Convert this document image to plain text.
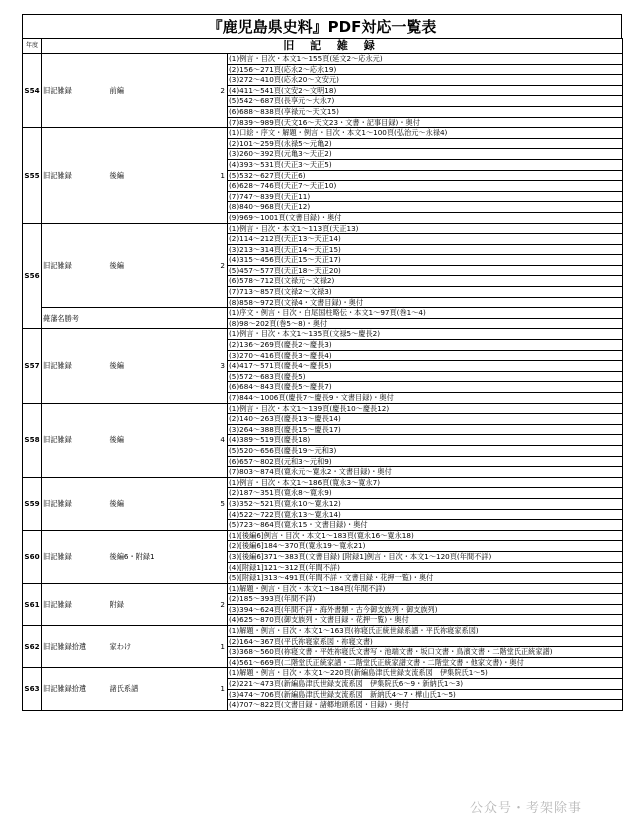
『鹿児島県史料』PDF対応一覧表
年度	旧 記 雑 録			
S54	旧記雑録	前編	2	(1)例言・目次・本文1～155頁(延文2～応永元)
				(2)156～271頁(応永2～応永19)
				(3)272～410頁(応永20～文安元)
				(4)411～541頁(文安2～文明18)
				(5)542～687頁(長享元～大永7)
				(6)688～838頁(享禄元～天文15)
				(7)839～989頁(天文16～天文23・文書・記事目録)・奥付
S55	旧記雑録	後編	1	(1)口絵・序文・解題・例言・目次・本文1～100頁(弘治元～永禄4)
				(2)101～259頁(永禄5～元亀2)
				(3)260～392頁(元亀3～天正2)
				(4)393～531頁(天正3～天正5)
				(5)532～627頁(天正6)
				(6)628～746頁(天正7～天正10)
				(7)747～839頁(天正11)
				(8)840～968頁(天正12)
				(9)969～1001頁(文書目録)・奥付
S56	旧記雑録	後編	2	(1)例言・目次・本文1～113頁(天正13)
				(2)114～212頁(天正13～天正14)
				(3)213～314頁(天正14～天正15)
				(4)315～456頁(天正15～天正17)
				(5)457～577頁(天正18～天正20)
				(6)578～712頁(文禄元～文禄2)
				(7)713～857頁(文禄2～文禄3)
				(8)858～972頁(文禄4・文書目録)・奥付
	薨藩名勝考			(1)序文・例言・目次・白尾国柱略伝・本文1～97頁(巻1～4)
				(8)98～202頁(巻5～8)・奥付
S57	旧記雑録	後編	3	(1)例言・目次・本文1～135頁(文禄5～慶長2)
				(2)136～269頁(慶長2～慶長3)
				(3)270～416頁(慶長3～慶長4)
				(4)417～571頁(慶長4～慶長5)
				(5)572～683頁(慶長5)
				(6)684～843頁(慶長5～慶長7)
				(7)844～1006頁(慶長7～慶長9・文書目録)・奥付
S58	旧記雑録	後編	4	(1)例言・目次・本文1～139頁(慶長10～慶長12)
				(2)140～263頁(慶長13～慶長14)
				(3)264～388頁(慶長15～慶長17)
				(4)389～519頁(慶長18)
				(5)520～656頁(慶長19～元和3)
				(6)657～802頁(元和3～元和9)
				(7)803～874頁(寛永元～寛永2・文書目録)・奥付
S59	旧記雑録	後編	5	(1)例言・目次・本文1～186頁(寛永3～寛永7)
				(2)187～351頁(寛永8～寛永9)
				(3)352～521頁(寛永10～寛永12)
				(4)522～722頁(寛永13～寛永14)
				(5)723～864頁(寛永15・文書目録)・奥付
S60	旧記雑録	後編6・附録1		(1)[後編6]例言・目次・本文1～183頁(寛永16～寛永18)
				(2)[後編6]184～370頁(寛永19～寛永21)
				(3)[後編6]371～383頁(文書目録) [附録1]例言・目次・本文1～120頁(年間不詳)
				(4)[附録1]121～312頁(年間不詳)
				(5)[附録1]313～491頁(年間不詳・文書目録・花押一覧)・奥付
S61	旧記雑録	附録	2	(1)解題・例言・目次・本文1～184頁(年間不詳)
				(2)185～393頁(年間不詳)
				(3)394～624頁(年間不詳・海外書類・古今御支族列・御支族列)
				(4)625～870頁(御支族列・文書目録・花押一覧)・奥付
S62	旧記雑録拾遺	家わけ	1	(1)解題・例言・目次・本文1～163頁(祢寝氏正統世録系譜・平氏祢寝家系図)
				(2)164～367頁(平氏祢寝家系図・祢寝文書)
				(3)368～560頁(祢寝文書・平姓祢寝氏文書写・池端文書・坂口文書・鳥濱文書・二階堂氏正統家譜)
				(4)561～669頁(二階堂氏正統家譜・二階堂氏正統家譜文書・二階堂文書・他家文書)・奥付
S63	旧記雑録拾遺	諸氏系譜	1	(1)解題・例言・目次・本文1～220頁(新編島津氏世録支流系図　伊集院氏1～5)
				(2)221～473頁(新編島津氏世録支流系図　伊集院氏6～9・新納氏1～3)
				(3)474～706頁(新編島津氏世録支流系図　新納氏4～7・樺山氏1～5)
				(4)707～822頁(文書目録・諸郷地頭系図・目録)・奥付
公众号・考架除事
